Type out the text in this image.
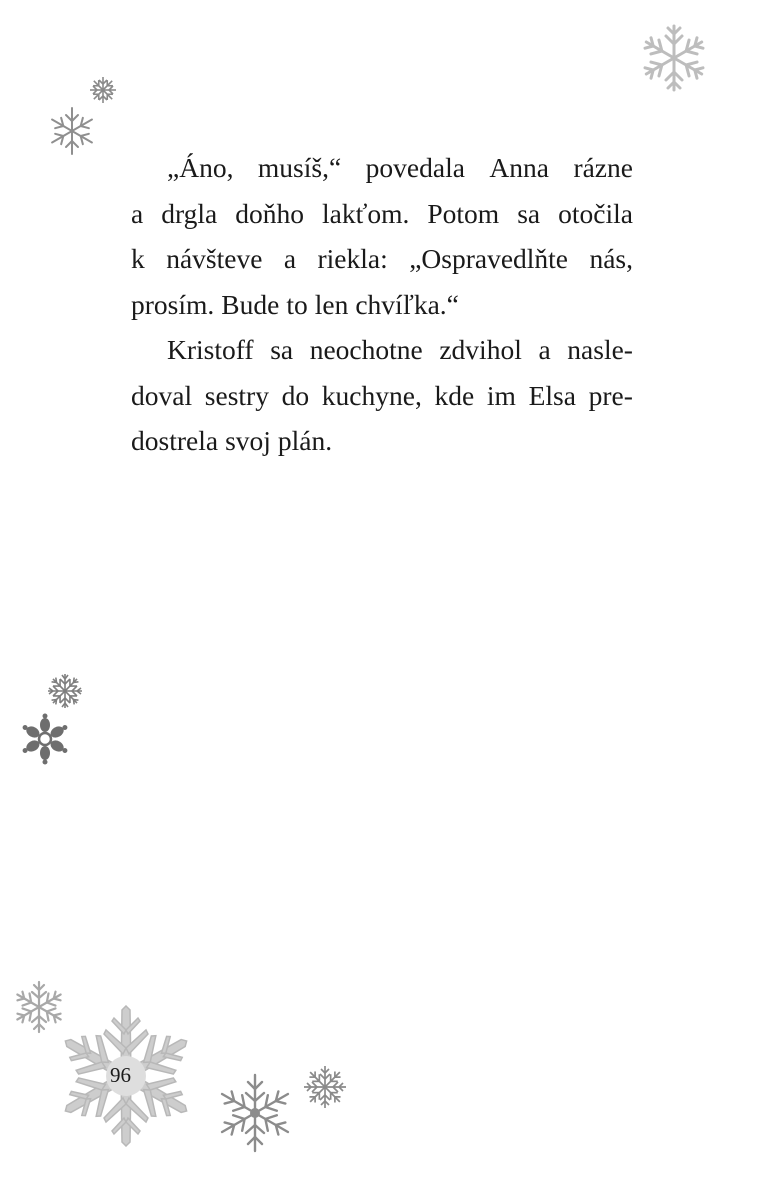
„Áno, musíš,“ povedala Anna rázne
a drgla doňho lakťom. Potom sa otočila
k návšteve a riekla: „Ospravedlňte nás,
prosím. Bude to len chvíľka.“
Kristoff sa neochotne zdvihol a nasle-
doval sestry do kuchyne, kde im Elsa pre-
dostrela svoj plán.
96
